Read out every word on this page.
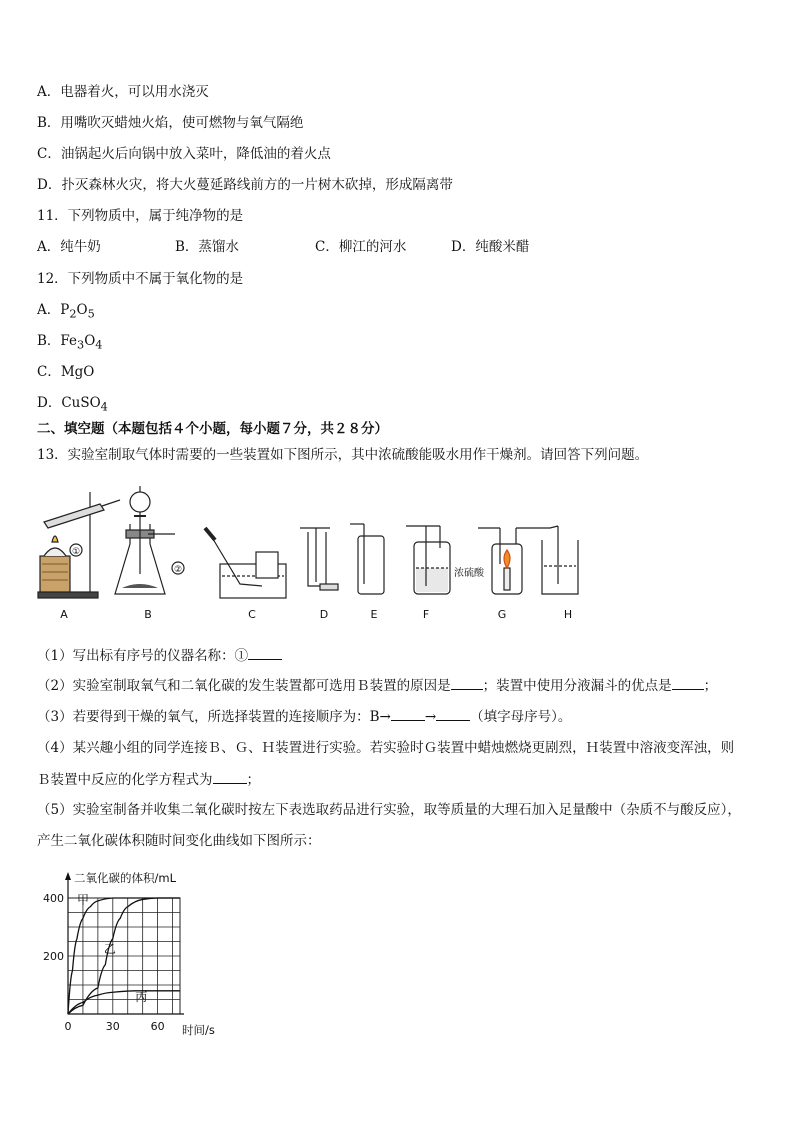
A．电器着火，可以用水浇灭
B．用嘴吹灭蜡烛火焰，使可燃物与氧气隔绝
C．油锅起火后向锅中放入菜叶，降低油的着火点
D．扑灭森林火灾，将大火蔓延路线前方的一片树木砍掉，形成隔离带
11．下列物质中，属于纯净物的是
A．纯牛奶	B．蒸馏水	C．柳江的河水	D．纯酸米醋
12．下列物质中不属于氧化物的是
A．$P_2O_5$
B．$Fe_3O_4$
C．MgO
D．CuSO$_4$
二、填空题（本题包括４个小题，每小题７分，共２８分）
13．实验室制取气体时需要的一些装置如下图所示，其中浓硫酸能吸水用作干燥剂。请回答下列问题。
①
②	浓硫酸
A	B	C	D	E	F	G	H
（1）写出标有序号的仪器名称：①
（2）实验室制取氧气和二氧化碳的发生装置都可选用Ｂ装置的原因是 ；装置中使用分液漏斗的优点是 ；
（3）若要得到干燥的氧气，所选择装置的连接顺序为：B→	→	（填字母序号）。
（4）某兴趣小组的同学连接Ｂ、Ｇ、Ｈ装置进行实验。若实验时Ｇ装置中蜡烛燃烧更剧烈，Ｈ装置中溶液变浑浊，则
Ｂ装置中反应的化学方程式为	；
（5）实验室制备并收集二氧化碳时按左下表选取药品进行实验，取等质量的大理石加入足量酸中（杂质不与酸反应），
产生二氧化碳体积随时间变化曲线如下图所示：
200
400
0	30	60
二氧化碳的体积/mL
时间/s
甲
乙
丙
